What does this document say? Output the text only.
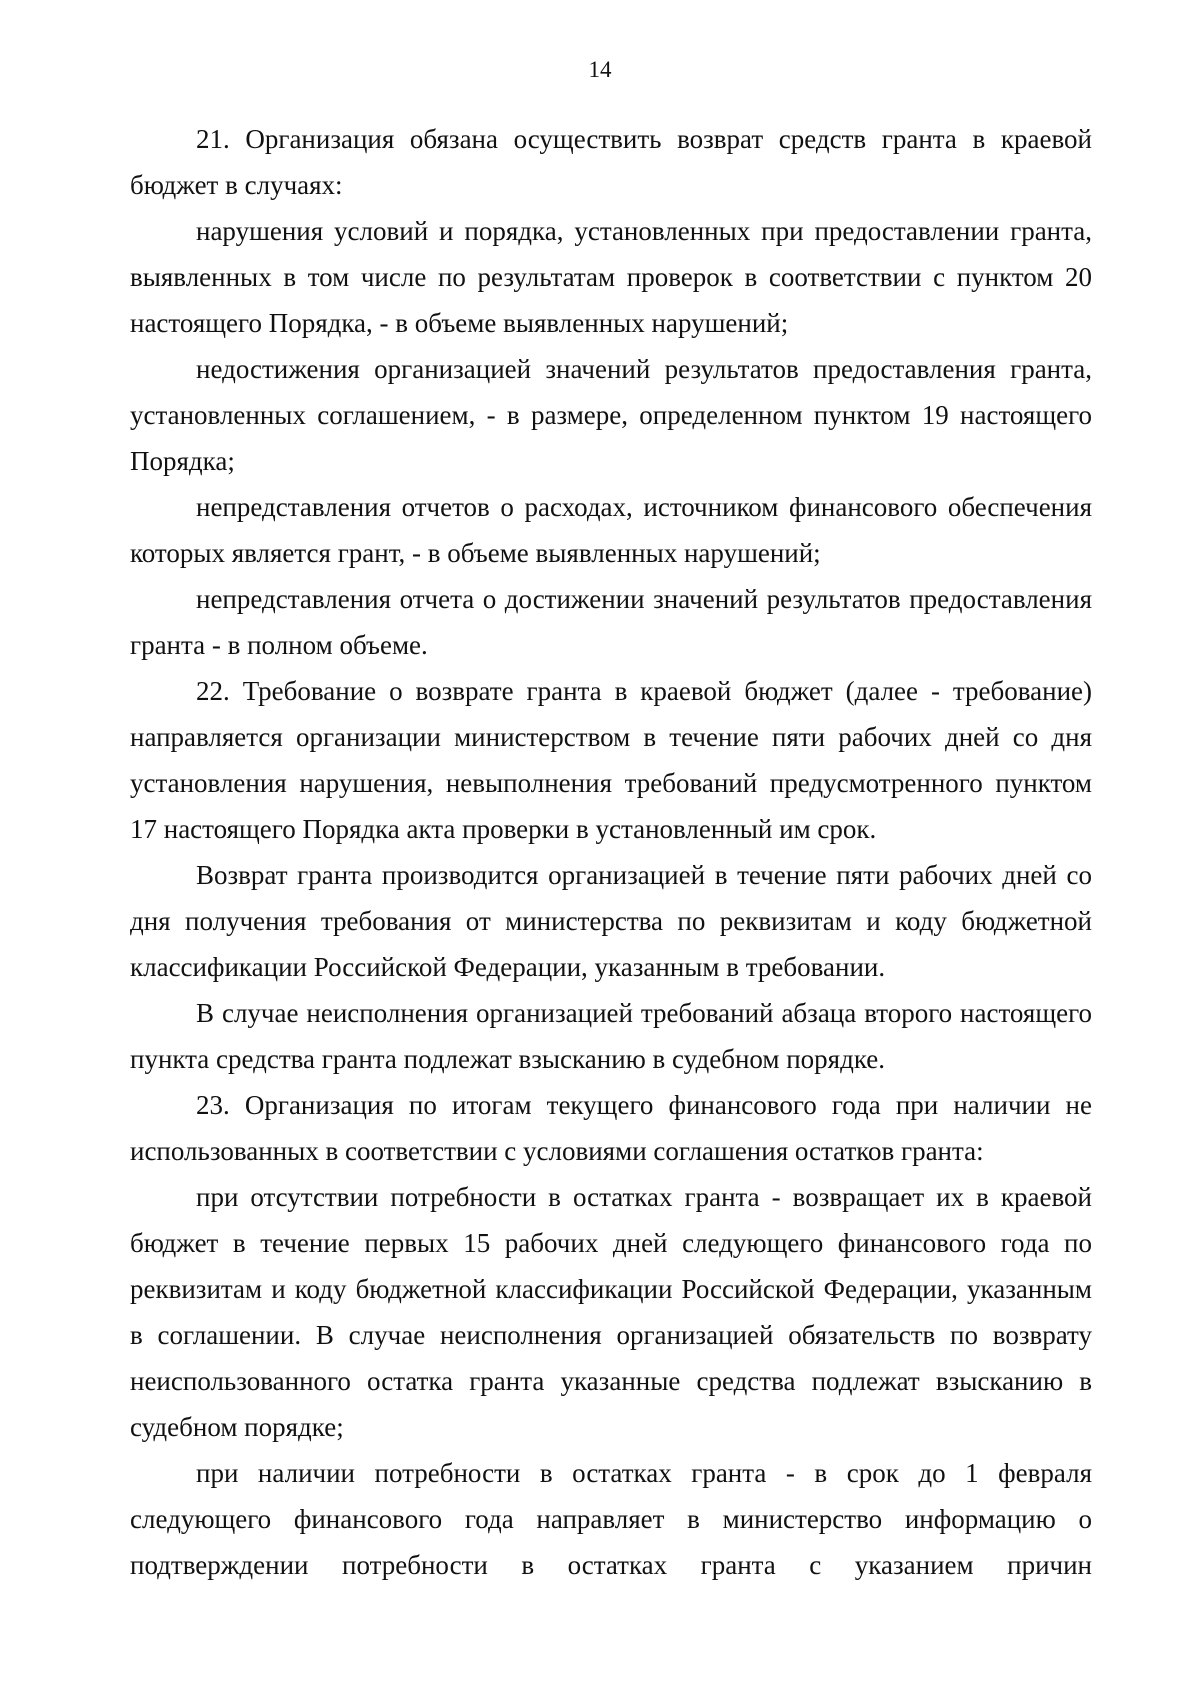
14

21. Организация обязана осуществить возврат средств гранта в краевой бюджет в случаях:

нарушения условий и порядка, установленных при предоставлении гранта, выявленных в том числе по результатам проверок в соответствии с пунктом 20 настоящего Порядка, - в объеме выявленных нарушений;

недостижения организацией значений результатов предоставления гранта, установленных соглашением, - в размере, определенном пунктом 19 настоящего Порядка;

непредставления отчетов о расходах, источником финансового обеспечения которых является грант, - в объеме выявленных нарушений;

непредставления отчета о достижении значений результатов предоставления гранта - в полном объеме.

22. Требование о возврате гранта в краевой бюджет (далее - требование) направляется организации министерством в течение пяти рабочих дней со дня установления нарушения, невыполнения требований предусмотренного пунктом 17 настоящего Порядка акта проверки в установленный им срок.

Возврат гранта производится организацией в течение пяти рабочих дней со дня получения требования от министерства по реквизитам и коду бюджетной классификации Российской Федерации, указанным в требовании.

В случае неисполнения организацией требований абзаца второго настоящего пункта средства гранта подлежат взысканию в судебном порядке.

23. Организация по итогам текущего финансового года при наличии не использованных в соответствии с условиями соглашения остатков гранта:

при отсутствии потребности в остатках гранта - возвращает их в краевой бюджет в течение первых 15 рабочих дней следующего финансового года по реквизитам и коду бюджетной классификации Российской Федерации, указанным в соглашении. В случае неисполнения организацией обязательств по возврату неиспользованного остатка гранта указанные средства подлежат взысканию в судебном порядке;

при наличии потребности в остатках гранта - в срок до 1 февраля следующего финансового года направляет в министерство информацию о подтверждении потребности в остатках гранта с указанием причин
